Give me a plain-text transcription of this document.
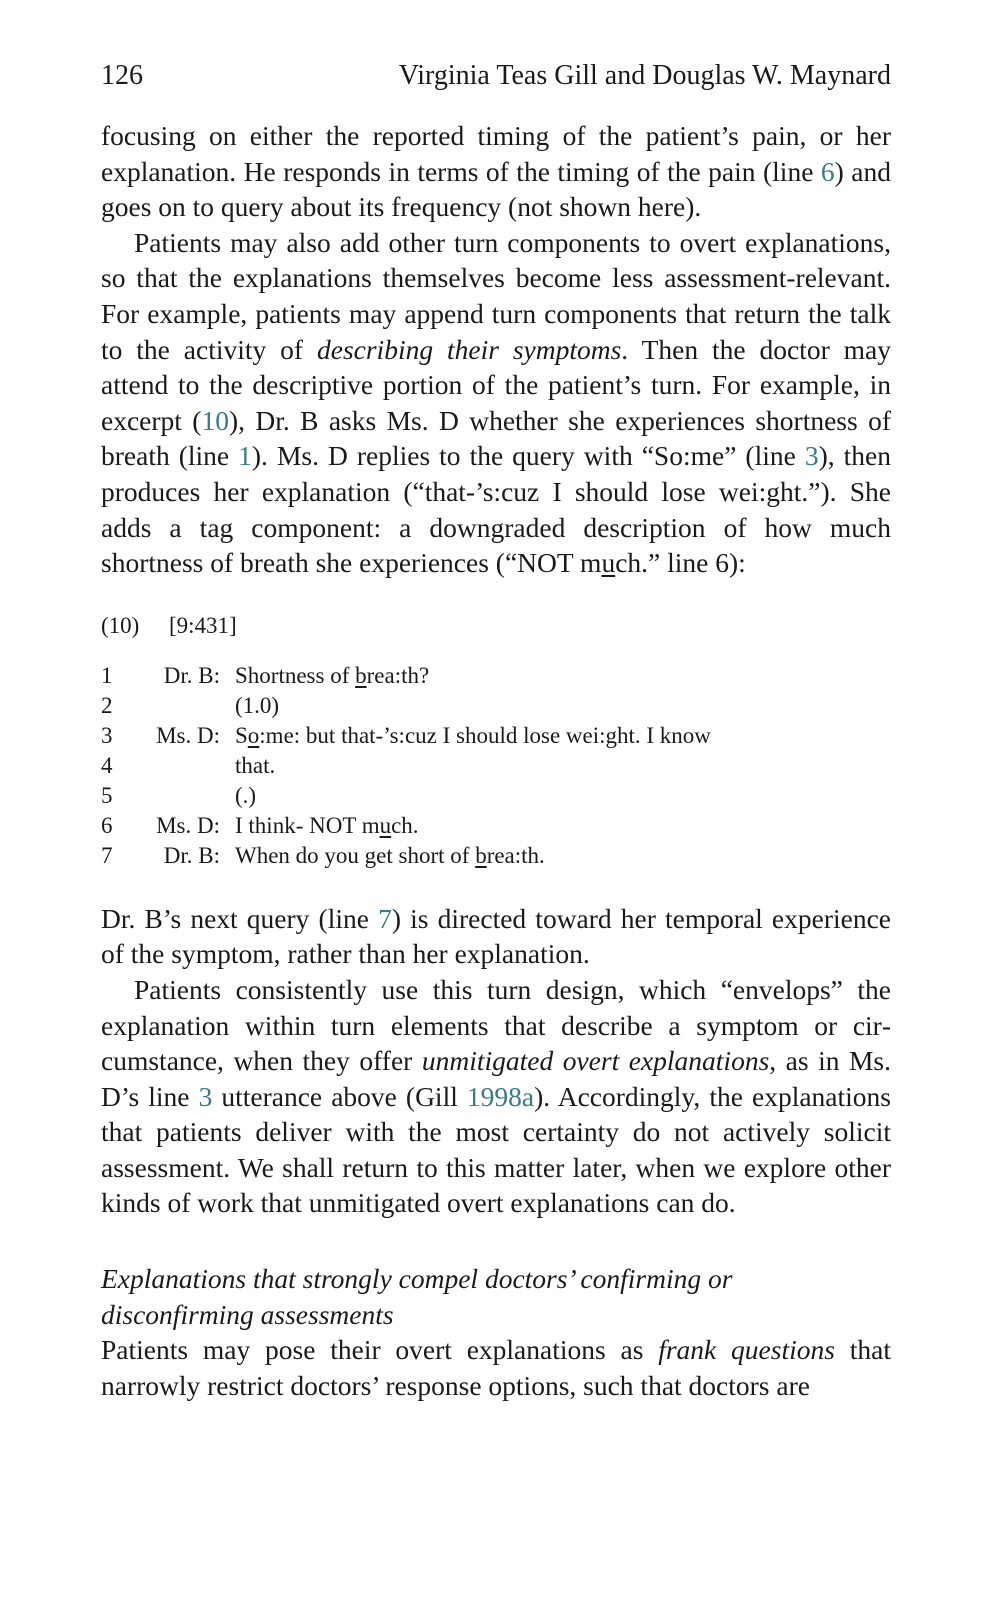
126	Virginia Teas Gill and Douglas W. Maynard

focusing on either the reported timing of the patient’s pain, or her explanation. He responds in terms of the timing of the pain (line 6) and goes on to query about its frequency (not shown here).

Patients may also add other turn components to overt explanations, so that the explanations themselves become less assessment-relevant. For example, patients may append turn components that return the talk to the activity of describing their symptoms. Then the doctor may attend to the descriptive portion of the patient’s turn. For example, in excerpt (10), Dr. B asks Ms. D whether she experiences shortness of breath (line 1). Ms. D replies to the query with “So:me” (line 3), then produces her explanation (“that-’s:cuz I should lose wei:ght.”). She adds a tag component: a downgraded description of how much shortness of breath she experiences (“NOT much.” line 6):

(10) [9:431]
1	Dr. B:	Shortness of brea:th?
2		(1.0)
3	Ms. D:	So:me: but that-’s:cuz I should lose wei:ght. I know
4		that.
5		(.)
6	Ms. D:	I think- NOT much.
7	Dr. B:	When do you get short of brea:th.

Dr. B’s next query (line 7) is directed toward her temporal experience of the symptom, rather than her explanation.

Patients consistently use this turn design, which “envelops” the explanation within turn elements that describe a symptom or circumstance, when they offer unmitigated overt explanations, as in Ms. D’s line 3 utterance above (Gill 1998a). Accordingly, the explanations that patients deliver with the most certainty do not actively solicit assessment. We shall return to this matter later, when we explore other kinds of work that unmitigated overt explanations can do.

Explanations that strongly compel doctors’ confirming or disconfirming assessments

Patients may pose their overt explanations as frank questions that narrowly restrict doctors’ response options, such that doctors are
